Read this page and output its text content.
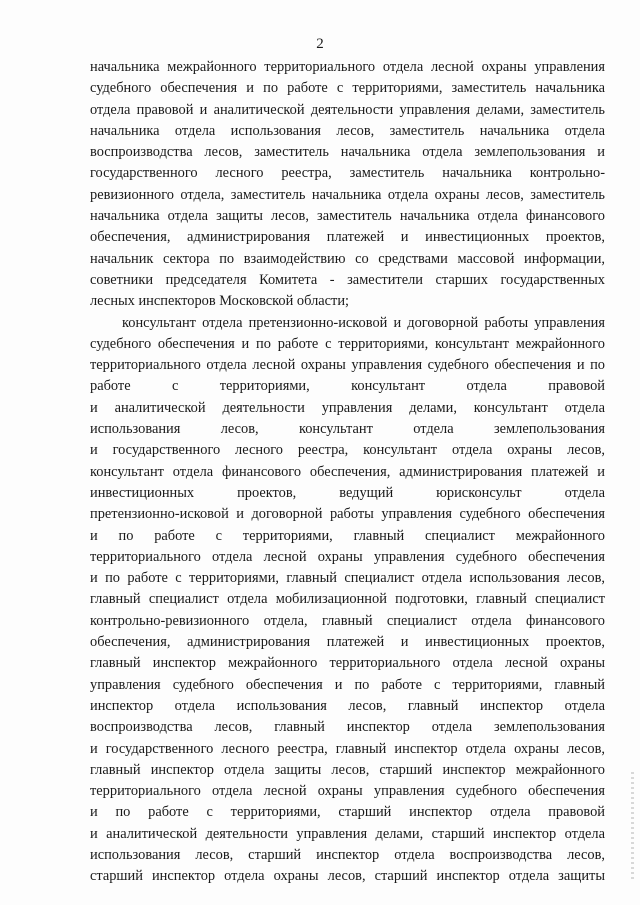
2
начальника межрайонного территориального отдела лесной охраны управления
судебного обеспечения и по работе с территориями, заместитель начальника
отдела правовой и аналитической деятельности управления делами, заместитель
начальника отдела использования лесов, заместитель начальника отдела
воспроизводства лесов, заместитель начальника отдела землепользования и
государственного лесного реестра, заместитель начальника контрольно-
ревизионного отдела, заместитель начальника отдела охраны лесов, заместитель
начальника отдела защиты лесов, заместитель начальника отдела финансового
обеспечения, администрирования платежей и инвестиционных проектов,
начальник сектора по взаимодействию со средствами массовой информации,
советники председателя Комитета - заместители старших государственных
лесных инспекторов Московской области;
консультант отдела претензионно-исковой и договорной работы управления
судебного обеспечения и по работе с территориями, консультант межрайонного
территориального отдела лесной охраны управления судебного обеспечения и по
работе с территориями, консультант отдела правовой
и аналитической деятельности управления делами, консультант отдела
использования лесов, консультант отдела землепользования
и государственного лесного реестра, консультант отдела охраны лесов,
консультант отдела финансового обеспечения, администрирования платежей и
инвестиционных проектов, ведущий юрисконсульт отдела
претензионно-исковой и договорной работы управления судебного обеспечения
и по работе с территориями, главный специалист межрайонного
территориального отдела лесной охраны управления судебного обеспечения
и по работе с территориями, главный специалист отдела использования лесов,
главный специалист отдела мобилизационной подготовки, главный специалист
контрольно-ревизионного отдела, главный специалист отдела финансового
обеспечения, администрирования платежей и инвестиционных проектов,
главный инспектор межрайонного территориального отдела лесной охраны
управления судебного обеспечения и по работе с территориями, главный
инспектор отдела использования лесов, главный инспектор отдела
воспроизводства лесов, главный инспектор отдела землепользования
и государственного лесного реестра, главный инспектор отдела охраны лесов,
главный инспектор отдела защиты лесов, старший инспектор межрайонного
территориального отдела лесной охраны управления судебного обеспечения
и по работе с территориями, старший инспектор отдела правовой
и аналитической деятельности управления делами, старший инспектор отдела
использования лесов, старший инспектор отдела воспроизводства лесов,
старший инспектор отдела охраны лесов, старший инспектор отдела защиты
